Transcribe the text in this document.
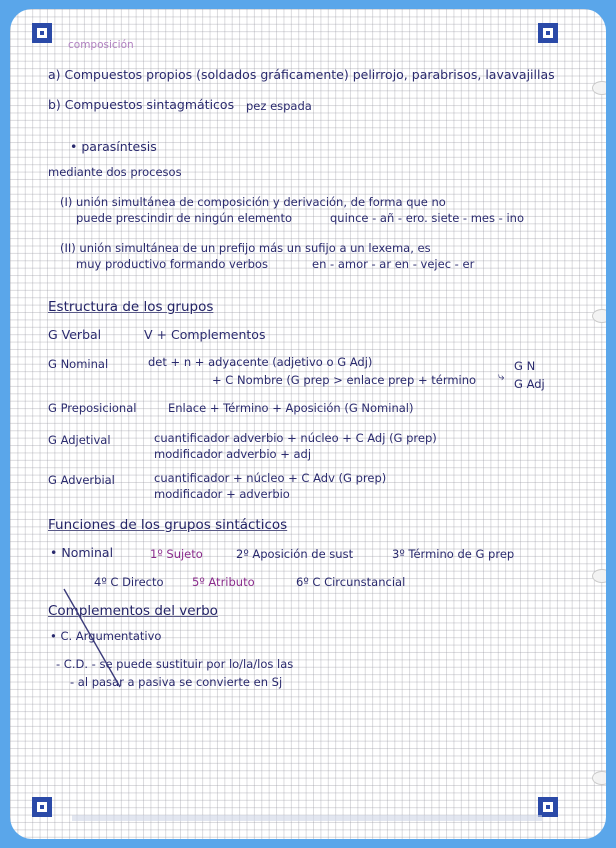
composición
a) Compuestos propios (soldados gráficamente) pelirrojo, parabrisos, lavavajillas
b) Compuestos sintagmáticos pez espada
• parasíntesis
mediante dos procesos
(I) unión simultánea de composición y derivación, de forma que no
puede prescindir de ningún elemento	quince - añ - ero. siete - mes - ino
(II) unión simultánea de un prefijo más un sufijo a un lexema, es
muy productivo formando verbos	en - amor - ar en - vejec - er
Estructura de los grupos
G Verbal	V + Complementos
G Nominal	det + n + adyacente (adjetivo o G Adj)
+ C Nombre (G prep > enlace prep + término ⤷
G N
G Adj
G Preposicional	Enlace + Término + Aposición (G Nominal)
G Adjetival	cuantificador adverbio + núcleo + C Adj (G prep)
modificador adverbio + adj
G Adverbial	cuantificador + núcleo + C Adv (G prep)
modificador + adverbio
Funciones de los grupos sintácticos
• Nominal	1º Sujeto	2º Aposición de sust	3º Término de G prep
4º C Directo 5º Atributo	6º C Circunstancial
Complementos del verbo
• C. Argumentativo
- C.D. - se puede sustituir por lo/la/los las
- al pasar a pasiva se convierte en Sj
